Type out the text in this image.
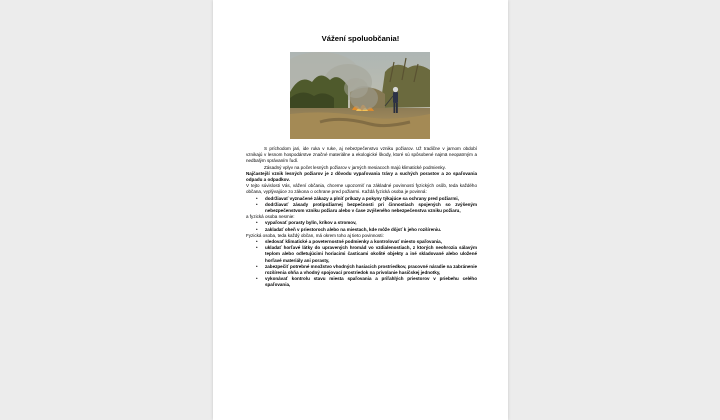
Vážení spoluobčania!

S príchodom jari, ide ruka v ruke, aj nebezpečenstvo vzniku požiarov. Už tradične v jarnom období vznikajú v lesnom hospodárstve značné materiálne a ekologické škody, ktoré sú spôsobené najmä neopatrným a nedbalým správaním ľudí.

Zásadný vplyv na počet lesných požiarov v jarných mesiacoch majú klimatické podmienky.

Najčastejší vznik lesných požiarov je z dôvodu vypaľovania trávy a suchých porastov a zo spaľovania odpadu a odpadkov.

V tejto súvislosti Vás, vážení občania, chceme upozorniť na základné povinnosti fyzických osôb, teda každého občana, vyplývajúce zo zákona o ochrane pred požiarmi. Každá fyzická osoba je povinná:

• dodržiavať vyznačené zákazy a plniť príkazy a pokyny týkajúce sa ochrany pred požiarmi,
• dodržiavať zásady protipožiarnej bezpečnosti pri činnostiach spojených so zvýšeným nebezpečenstvom vzniku požiaru alebo v čase zvýšeného nebezpečenstva vzniku požiaru,

a fyzická osoba nesmie:

• vypaľovať porasty bylín, kríkov a stromov,
• zakladať oheň v priestoroch alebo na miestach, kde môže dôjsť k jeho rozšíreniu.

Fyzická osoba, teda každý občan, má okrem toho aj tieto povinnosti:

• sledovať klimatické a poveternostné podmienky a kontrolovať miesto spaľovania,
• ukladať horľavé látky do upravených hromád vo vzdialenostiach, z ktorých neohrozia sálavým teplom alebo odletujúcimi horiacimi časticami okolité objekty a iné skladované alebo uložené horľavé materiály ani porasty,
• zabezpečiť potrebné množstvo vhodných hasiacich prostriedkov, pracovné náradie na zabránenie rozšírenia ohňa a vhodný spojovací prostriedok na privolanie hasičskej jednotky,
• vykonávať kontrolu stavu miesta spaľovania a priľahlých priestorov v priebehu celého spaľovania,
